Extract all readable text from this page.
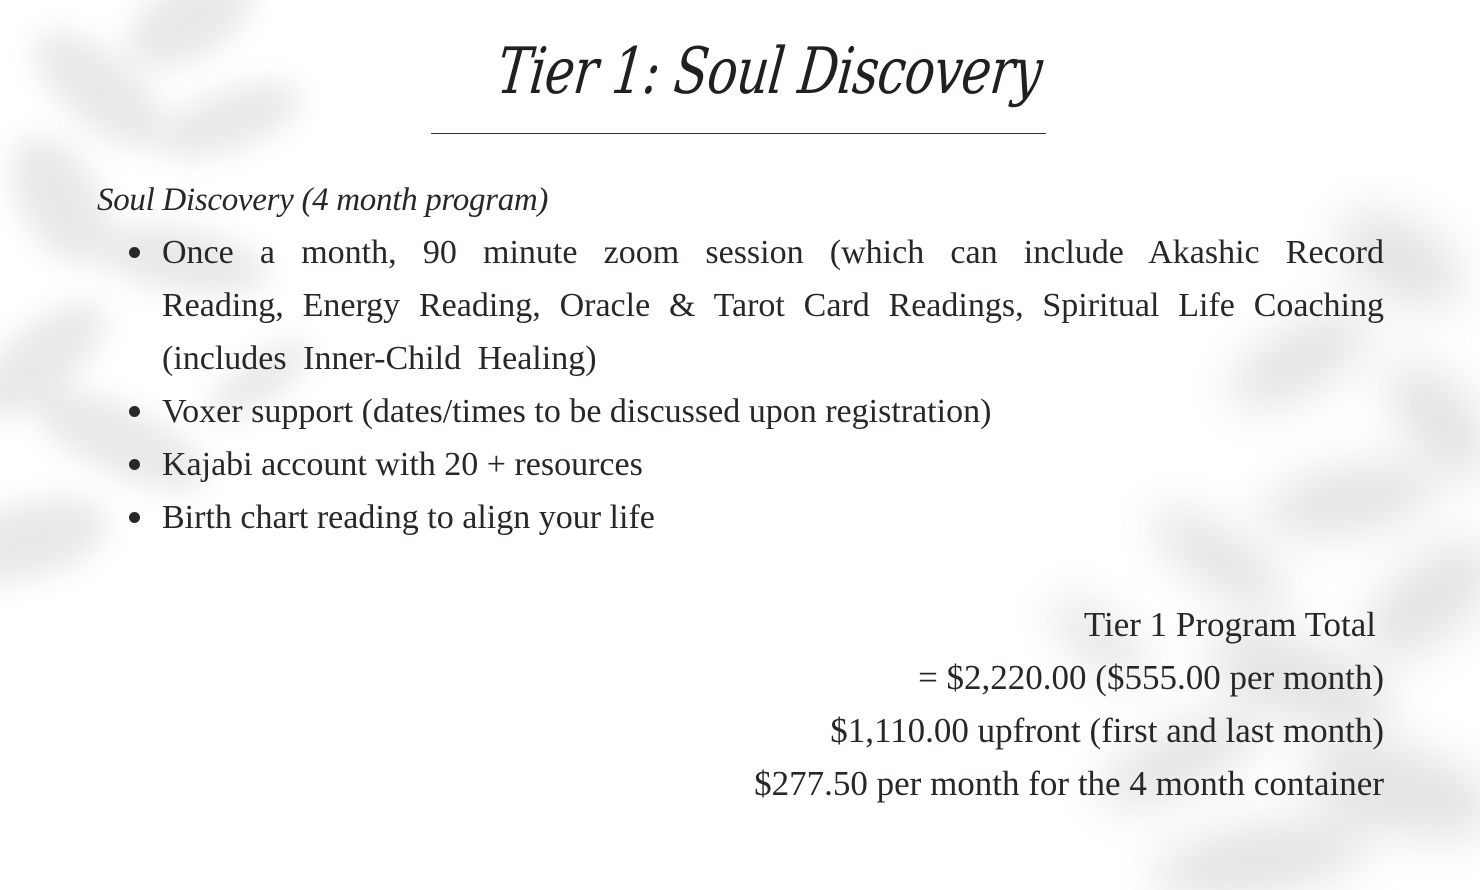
Tier 1: Soul Discovery
Soul Discovery (4 month program)
Once a month, 90 minute zoom session (which can include Akashic Record Reading, Energy Reading, Oracle & Tarot Card Readings, Spiritual Life Coaching (includes Inner-Child Healing)
Voxer support (dates/times to be discussed upon registration)
Kajabi account with 20 + resources
Birth chart reading to align your life
Tier 1 Program Total
= $2,220.00 ($555.00 per month)
$1,110.00 upfront (first and last month)
$277.50 per month for the 4 month container
